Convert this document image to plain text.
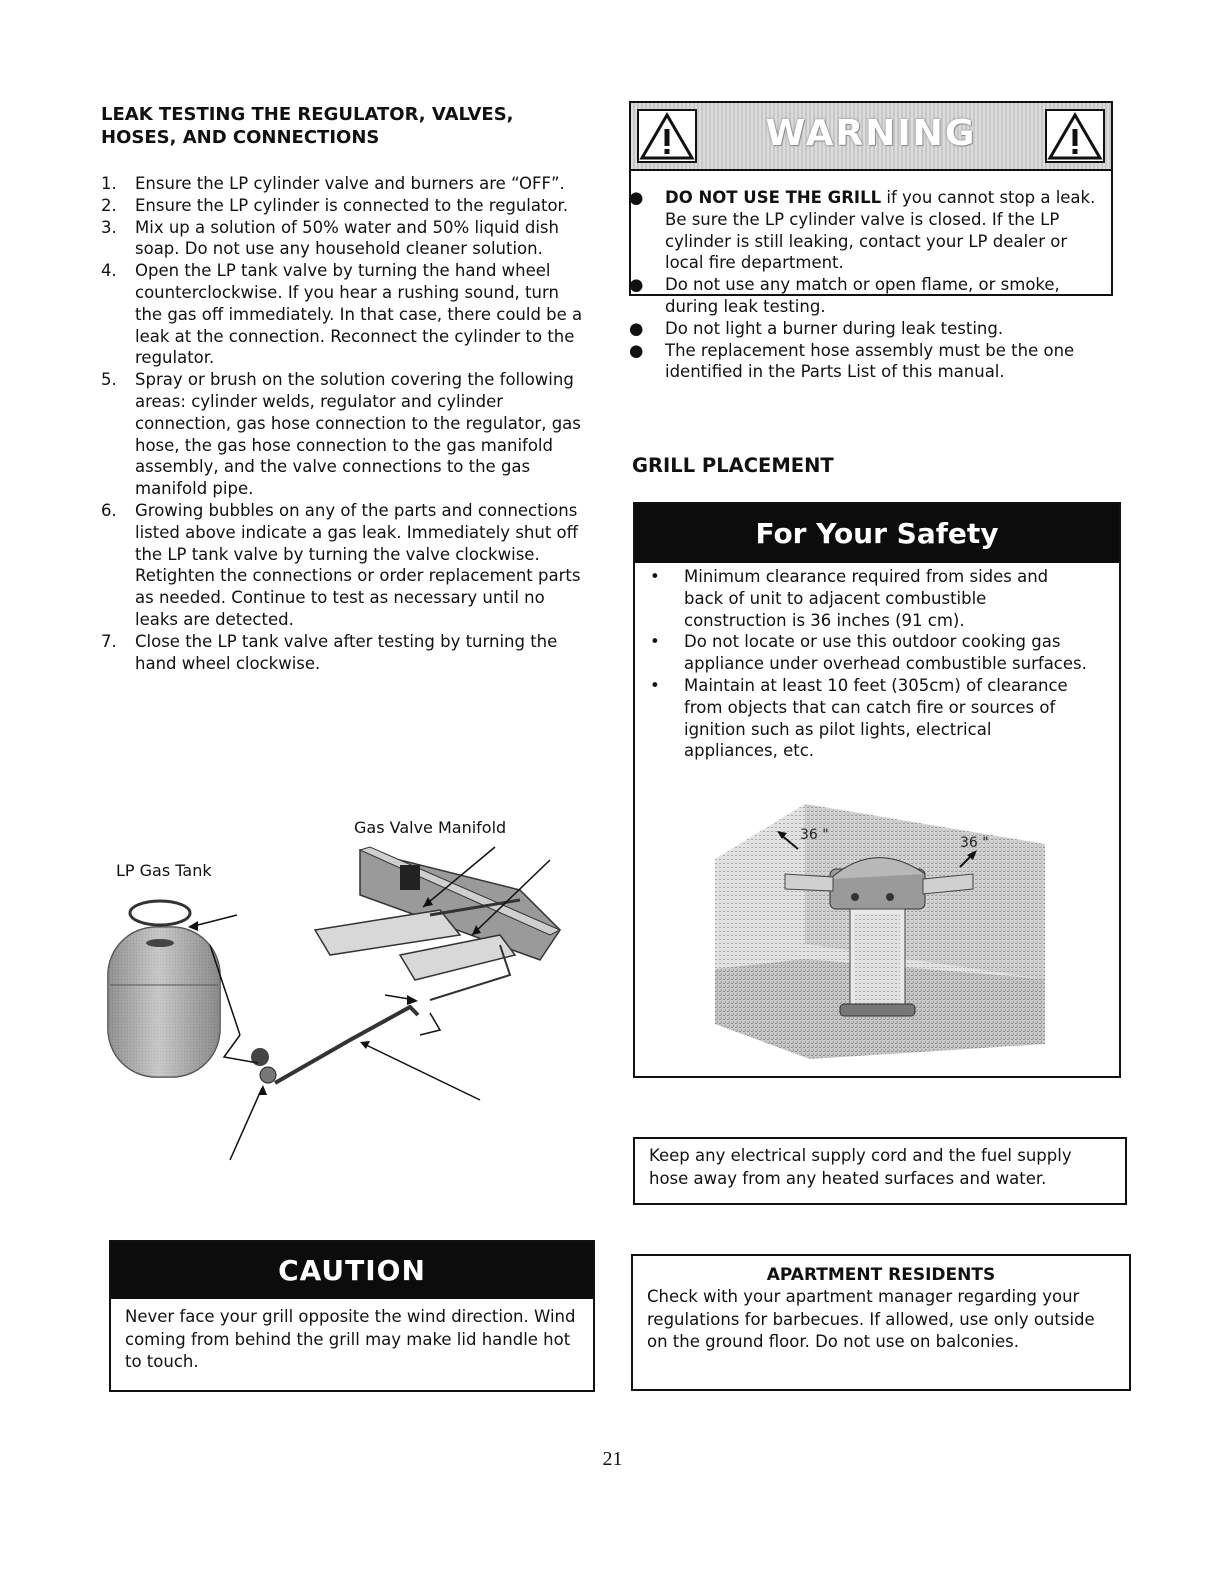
LEAK TESTING THE REGULATOR, VALVES,
HOSES, AND CONNECTIONS
1. Ensure the LP cylinder valve and burners are “OFF”.
2. Ensure the LP cylinder is connected to the regulator.
3. Mix up a solution of 50% water and 50% liquid dish soap. Do not use any household cleaner solution.
4. Open the LP tank valve by turning the hand wheel counterclockwise. If you hear a rushing sound, turn the gas off immediately. In that case, there could be a leak at the connection. Reconnect the cylinder to the regulator.
5. Spray or brush on the solution covering the following areas: cylinder welds, regulator and cylinder connection, gas hose connection to the regulator, gas hose, the gas hose connection to the gas manifold assembly, and the valve connections to the gas manifold pipe.
6. Growing bubbles on any of the parts and connections listed above indicate a gas leak. Immediately shut off the LP tank valve by turning the valve clockwise. Retighten the connections or order replacement parts as needed. Continue to test as necessary until no leaks are detected.
7. Close the LP tank valve after testing by turning the hand wheel clockwise.
Gas Valve Manifold
LP Gas Tank
WARNING
● DO NOT USE THE GRILL if you cannot stop a leak. Be sure the LP cylinder valve is closed. If the LP cylinder is still leaking, contact your LP dealer or local fire department.
● Do not use any match or open flame, or smoke, during leak testing.
● Do not light a burner during leak testing.
● The replacement hose assembly must be the one identified in the Parts List of this manual.
GRILL PLACEMENT
For Your Safety
• Minimum clearance required from sides and back of unit to adjacent combustible construction is 36 inches (91 cm).
• Do not locate or use this outdoor cooking gas appliance under overhead combustible surfaces.
• Maintain at least 10 feet (305cm) of clearance from objects that can catch fire or sources of ignition such as pilot lights, electrical appliances, etc.
36 "	36 "
Keep any electrical supply cord and the fuel supply hose away from any heated surfaces and water.
CAUTION
Never face your grill opposite the wind direction. Wind coming from behind the grill may make lid handle hot to touch.
APARTMENT RESIDENTS
Check with your apartment manager regarding your regulations for barbecues. If allowed, use only outside on the ground floor. Do not use on balconies.
21
